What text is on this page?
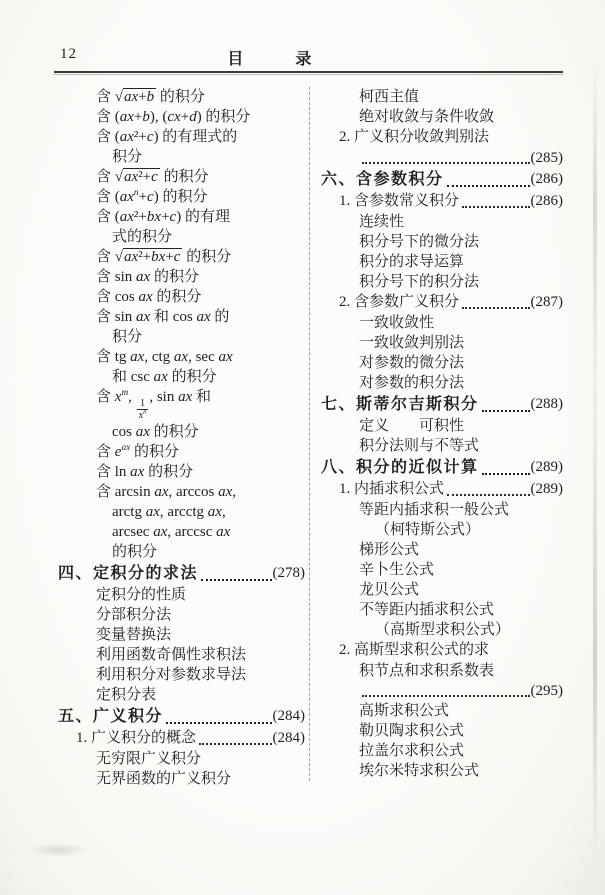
12	目　录
含 √ax+b 的积分
含 (ax+b), (cx+d) 的积分
含 (ax²+c) 的有理式的
积分
含 √ax²+c 的积分
含 $(ax^n+c)$ 的积分
含 (ax²+bx+c) 的有理
式的积分
含 √ax²+bx+c 的积分
含 sin ax 的积分
含 cos ax 的积分
含 sin ax 和 cos ax 的
积分
含 tg ax, ctg ax, sec ax
和 csc ax 的积分
含 $x^m$,
$\frac{1}{x^n}$
, sin ax 和
cos ax 的积分
含 $e^{ax}$ 的积分
含 ln ax 的积分
含 arcsin ax, arccos ax,
arctg ax, arcctg ax,
arcsec ax, arccsc ax
的积分
四、定积分的求法	(278)
定积分的性质
分部积分法
变量替换法
利用函数奇偶性求积法
利用积分对参数求导法
定积分表
五、广义积分	(284)
1. 广义积分的概念	(284)
无穷限广义积分
无界函数的广义积分
柯西主值
绝对收敛与条件收敛
2. 广义积分收敛判别法
(285)
六、含参数积分	(286)
1. 含参数常义积分	(286)
连续性
积分号下的微分法
积分的求导运算
积分号下的积分法
2. 含参数广义积分	(287)
一致收敛性
一致收敛判别法
对参数的微分法
对参数的积分法
七、斯蒂尔吉斯积分	(288)
定义　　可积性
积分法则与不等式
八、积分的近似计算	(289)
1. 内插求积公式	(289)
等距内插求积一般公式
（柯特斯公式）
梯形公式
辛卜生公式
龙贝公式
不等距内插求积公式
（高斯型求积公式）
2. 高斯型求积公式的求
积节点和求积系数表
(295)
高斯求积公式
勒贝陶求积公式
拉盖尔求积公式
埃尔米特求积公式
